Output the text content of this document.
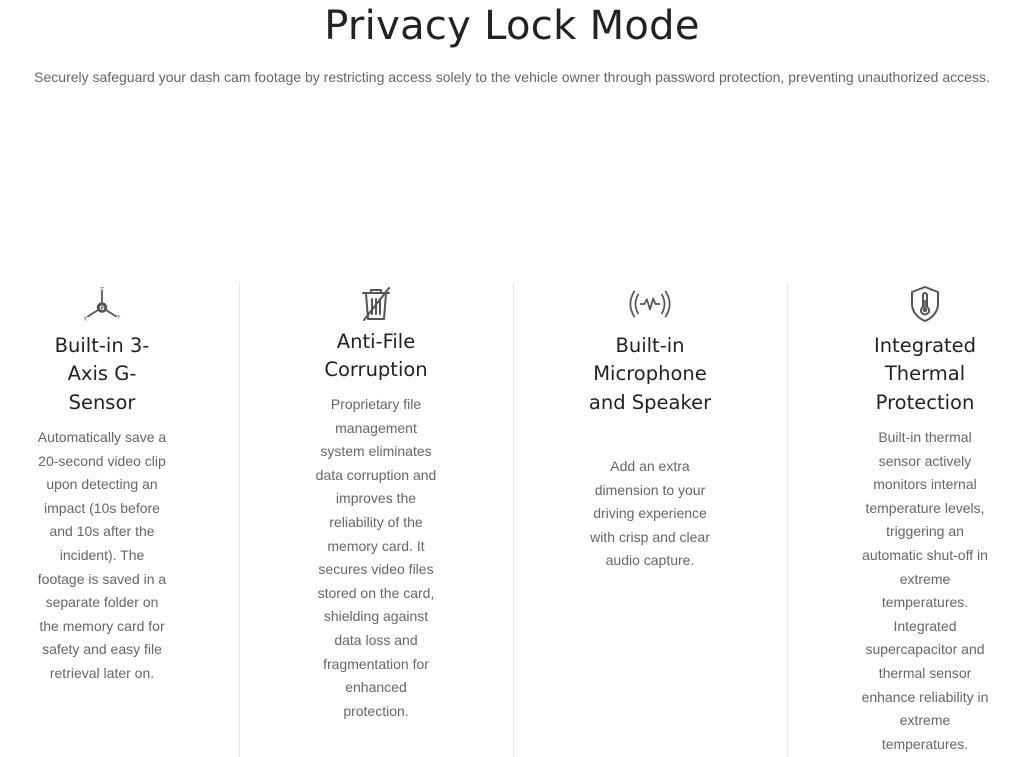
Privacy Lock Mode

Securely safeguard your dash cam footage by restricting access solely to the vehicle owner through password protection, preventing unauthorized access.

G
Z
X	Y
Built-in 3-Axis G-Sensor
Automatically save a 20-second video clip upon detecting an impact (10s before and 10s after the incident). The footage is saved in a separate folder on the memory card for safety and easy file retrieval later on.
Anti-File Corruption
Proprietary file management system eliminates data corruption and improves the reliability of the memory card. It secures video files stored on the card, shielding against data loss and fragmentation for enhanced protection.
Built-in Microphone and Speaker
Add an extra dimension to your driving experience with crisp and clear audio capture.
Integrated Thermal Protection
Built-in thermal sensor actively monitors internal temperature levels, triggering an automatic shut-off in extreme temperatures. Integrated supercapacitor and thermal sensor enhance reliability in extreme temperatures.
